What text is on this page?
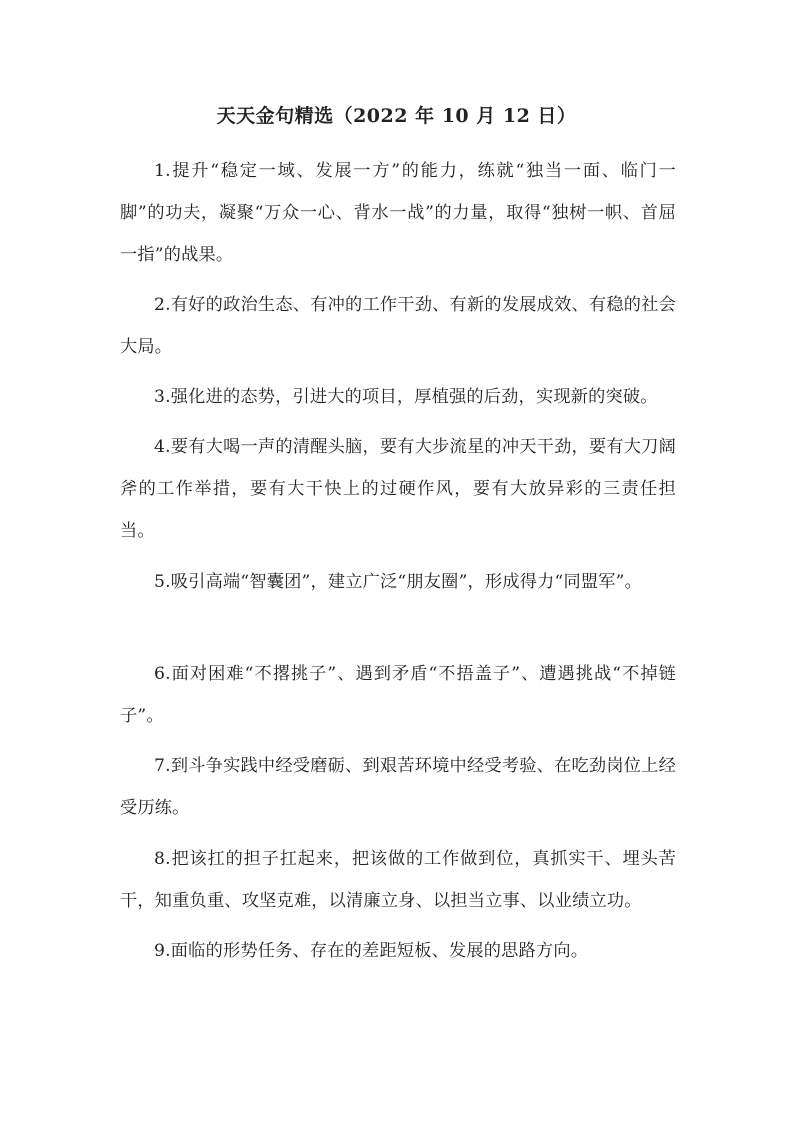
天天金句精选（2022 年 10 月 12 日）
1.提升“稳定一域、发展一方”的能力，练就“独当一面、临门一脚”的功夫，凝聚“万众一心、背水一战”的力量，取得“独树一帜、首屈一指”的战果。
2.有好的政治生态、有冲的工作干劲、有新的发展成效、有稳的社会大局。
3.强化进的态势，引进大的项目，厚植强的后劲，实现新的突破。
4.要有大喝一声的清醒头脑，要有大步流星的冲天干劲，要有大刀阔斧的工作举措，要有大干快上的过硬作风，要有大放异彩的三责任担当。
5.吸引高端“智囊团”，建立广泛“朋友圈”，形成得力“同盟军”。
6.面对困难“不撂挑子”、遇到矛盾“不捂盖子”、遭遇挑战“不掉链子”。
7.到斗争实践中经受磨砺、到艰苦环境中经受考验、在吃劲岗位上经受历练。
8.把该扛的担子扛起来，把该做的工作做到位，真抓实干、埋头苦干，知重负重、攻坚克难，以清廉立身、以担当立事、以业绩立功。
9.面临的形势任务、存在的差距短板、发展的思路方向。
